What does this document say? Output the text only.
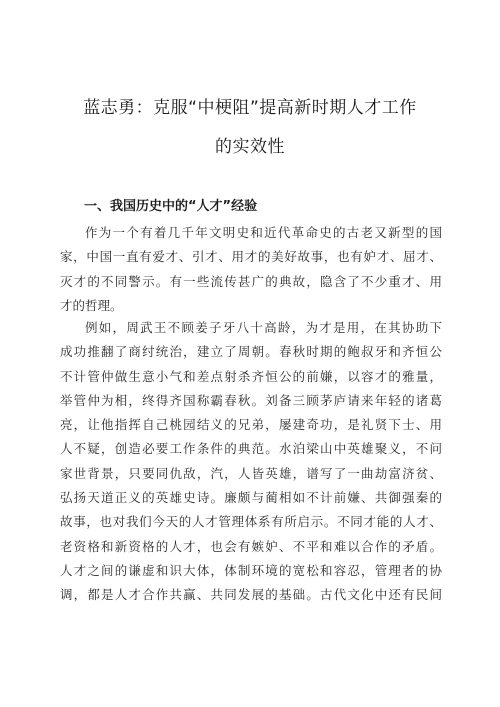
蓝志勇：克服“中梗阻”提高新时期人才工作
的实效性
一、我国历史中的“人才”经验

作为一个有着几千年文明史和近代革命史的古老又新型的国
家，中国一直有爱才、引才、用才的美好故事，也有妒才、屈才、
灭才的不同警示。有一些流传甚广的典故，隐含了不少重才、用
才的哲理。

例如，周武王不顾姜子牙八十高龄，为才是用，在其协助下
成功推翻了商纣统治，建立了周朝。春秋时期的鲍叔牙和齐恒公
不计管仲做生意小气和差点射杀齐恒公的前嫌，以容才的雅量，
举管仲为相，终得齐国称霸春秋。刘备三顾茅庐请来年轻的诸葛
亮，让他指挥自己桃园结义的兄弟，屡建奇功，是礼贤下士、用
人不疑，创造必要工作条件的典范。水泊梁山中英雄聚义，不问
家世背景，只要同仇敌，汽，人皆英雄，谱写了一曲劫富济贫、
弘扬天道正义的英雄史诗。廉颇与蔺相如不计前嫌、共御强秦的
故事，也对我们今天的人才管理体系有所启示。不同才能的人才、
老资格和新资格的人才，也会有嫉妒、不平和难以合作的矛盾。
人才之间的谦虚和识大体，体制环境的宽松和容忍，管理者的协
调，都是人才合作共赢、共同发展的基础。古代文化中还有民间
